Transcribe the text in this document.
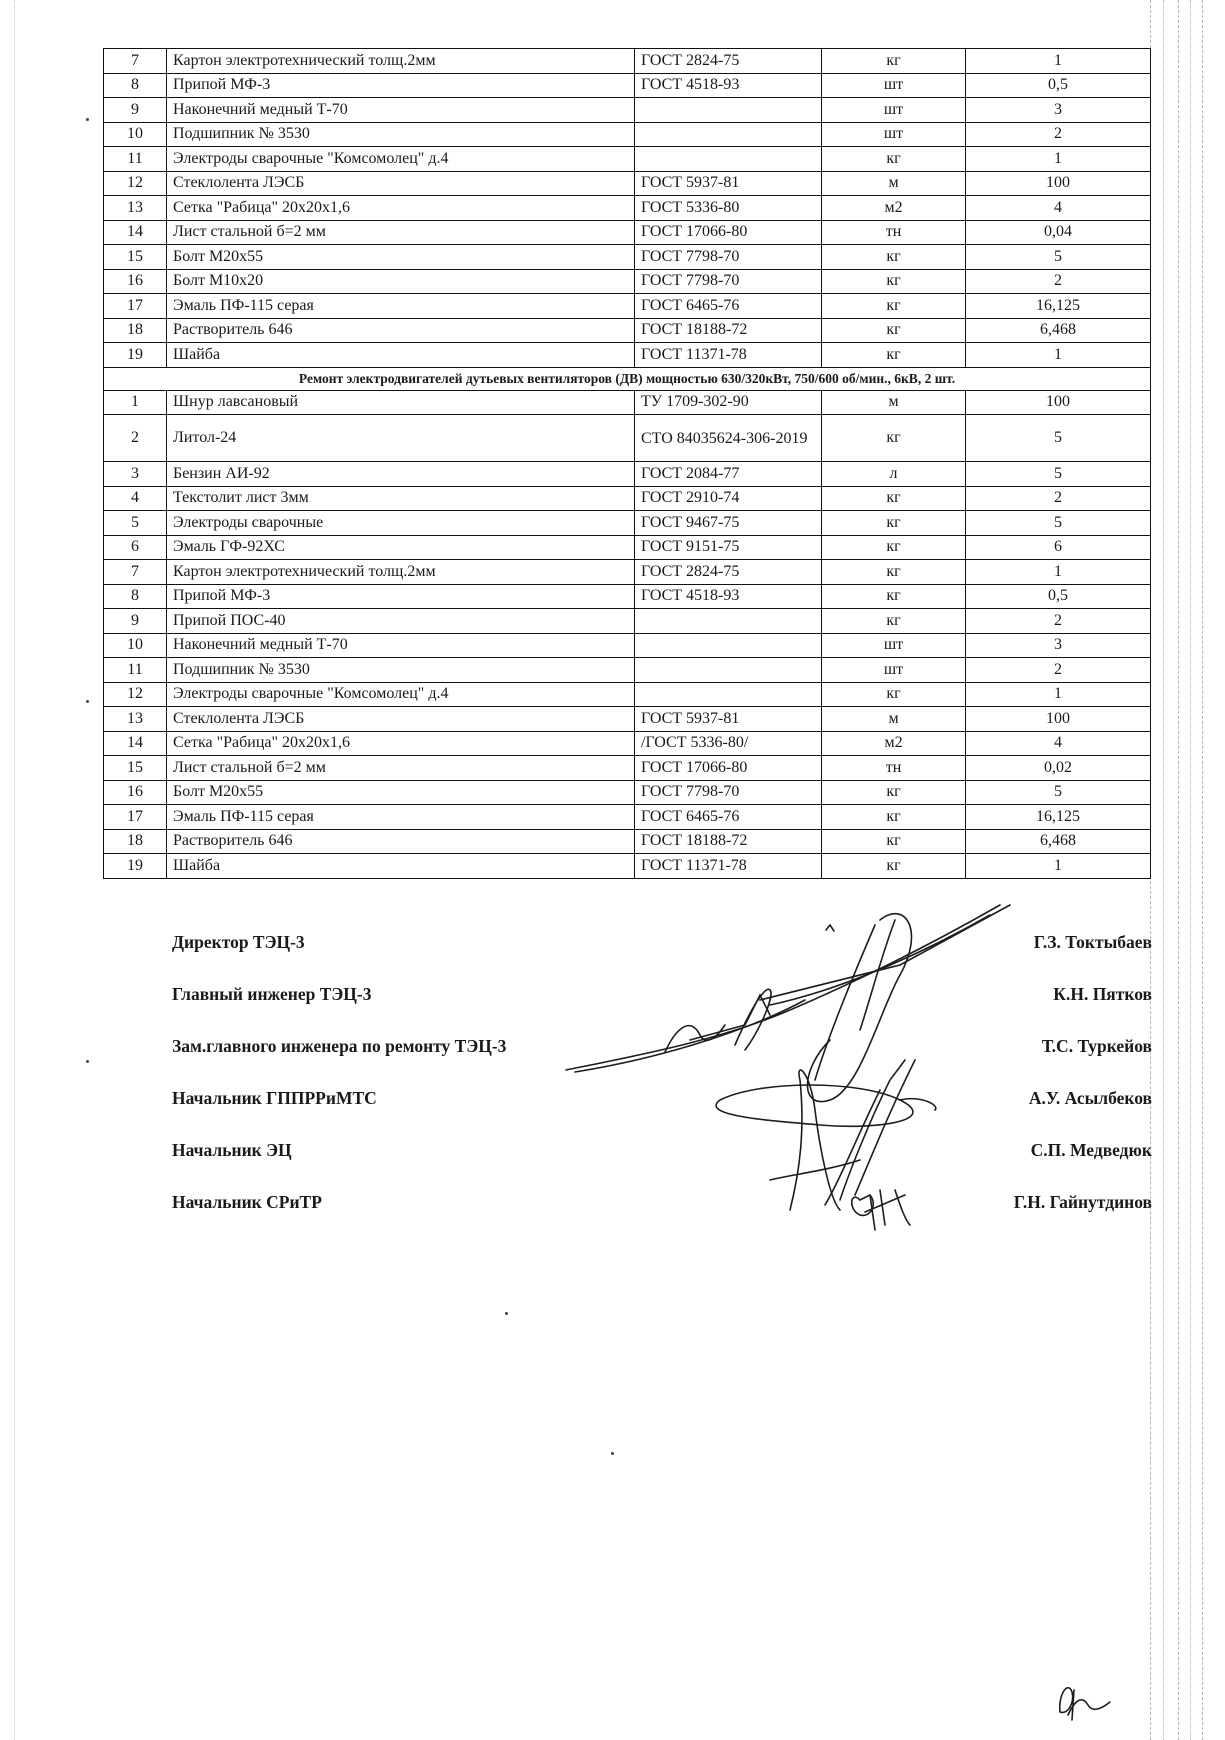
7	Картон электротехнический толщ.2мм	ГОСТ 2824-75	кг	1
8	Припой МФ-3	ГОСТ 4518-93	шт	0,5
9	Наконечний медный Т-70		шт	3
10	Подшипник № 3530		шт	2
11	Электроды сварочные "Комсомолец" д.4		кг	1
12	Стеклолента ЛЭСБ	ГОСТ 5937-81	м	100
13	Сетка "Рабица" 20х20х1,6	ГОСТ 5336-80	м2	4
14	Лист стальной б=2 мм	ГОСТ 17066-80	тн	0,04
15	Болт М20х55	ГОСТ 7798-70	кг	5
16	Болт М10х20	ГОСТ 7798-70	кг	2
17	Эмаль ПФ-115 серая	ГОСТ 6465-76	кг	16,125
18	Растворитель 646	ГОСТ 18188-72	кг	6,468
19	Шайба	ГОСТ 11371-78	кг	1
Ремонт электродвигателей дутьевых вентиляторов (ДВ) мощностью 630/320кВт, 750/600 об/мин., 6кВ, 2 шт.				
1	Шнур лавсановый	ТУ 1709-302-90	м	100
2	Литол-24	СТО 84035624-306-2019	кг	5
3	Бензин АИ-92	ГОСТ 2084-77	л	5
4	Текстолит лист 3мм	ГОСТ 2910-74	кг	2
5	Электроды сварочные	ГОСТ 9467-75	кг	5
6	Эмаль ГФ-92ХС	ГОСТ 9151-75	кг	6
7	Картон электротехнический толщ.2мм	ГОСТ 2824-75	кг	1
8	Припой МФ-3	ГОСТ 4518-93	кг	0,5
9	Припой ПОС-40		кг	2
10	Наконечний медный Т-70		шт	3
11	Подшипник № 3530		шт	2
12	Электроды сварочные "Комсомолец" д.4		кг	1
13	Стеклолента ЛЭСБ	ГОСТ 5937-81	м	100
14	Сетка "Рабица" 20х20х1,6	/ГОСТ 5336-80/	м2	4
15	Лист стальной б=2 мм	ГОСТ 17066-80	тн	0,02
16	Болт М20х55	ГОСТ 7798-70	кг	5
17	Эмаль ПФ-115 серая	ГОСТ 6465-76	кг	16,125
18	Растворитель 646	ГОСТ 18188-72	кг	6,468
19	Шайба	ГОСТ 11371-78	кг	1
Директор ТЭЦ-3	Г.З. Токтыбаев
Главный инженер ТЭЦ-3	К.Н. Пятков
Зам.главного инженера по ремонту ТЭЦ-3	Т.С. Туркейов
Начальник ГППРРиМТС	А.У. Асылбеков
Начальник ЭЦ	С.П. Медведюк
Начальник СРиТР	Г.Н. Гайнутдинов
